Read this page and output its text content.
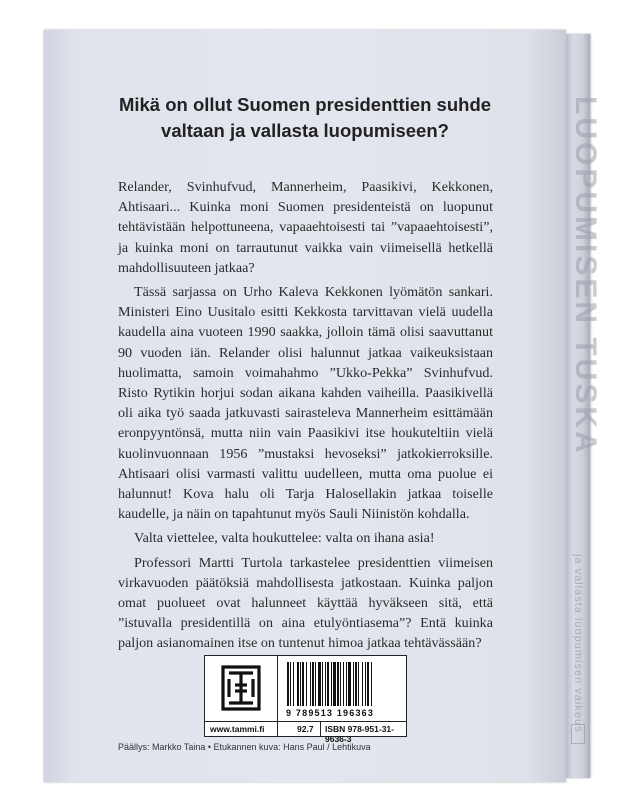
LUOPUMISEN TUSKA
ja vallasta luopumisen vaikeus
Mikä on ollut Suomen presidenttien suhde
valtaan ja vallasta luopumiseen?

Relander, Svinhufvud, Mannerheim, Paasikivi, Kekkonen, Ahtisaari... Kuinka moni Suomen presidenteistä on luopunut tehtävistään helpottuneena, vapaaehtoisesti tai ”vapaaehtoisesti”, ja kuinka moni on tarrautunut vaikka vain viimeisellä hetkellä mahdollisuuteen jatkaa?

Tässä sarjassa on Urho Kaleva Kekkonen lyömätön sankari. Ministeri Eino Uusitalo esitti Kekkosta tarvittavan vielä uudella kaudella aina vuoteen 1990 saakka, jolloin tämä olisi saavuttanut 90 vuoden iän. Relander olisi halunnut jatkaa vaikeuksistaan huolimatta, samoin voimahahmo ”Ukko-Pekka” Svinhufvud. Risto Rytikin horjui sodan aikana kahden vaiheilla. Paasikivellä oli aika työ saada jatkuvasti sairasteleva Mannerheim esittämään eronpyyntönsä, mutta niin vain Paasikivi itse houkuteltiin vielä kuolinvuonnaan 1956 ”mustaksi hevoseksi” jatkokierroksille. Ahtisaari olisi varmasti valittu uudelleen, mutta oma puolue ei halunnut! Kova halu oli Tarja Halosellakin jatkaa toiselle kaudelle, ja näin on tapahtunut myös Sauli Niinistön kohdalla.

Valta viettelee, valta houkuttelee: valta on ihana asia!

Professori Martti Turtola tarkastelee presidenttien viimeisen virkavuoden päätöksiä mahdollisesta jatkostaan. Kuinka paljon omat puolueet ovat halunneet käyttää hyväkseen sitä, että ”istuvalla presidentillä on aina etulyöntiasema”? Entä kuinka paljon asianomainen itse on tuntenut himoa jatkaa tehtävässään?

9 789513 196363
www.tammi.fi	92.7 ISBN 978-951-31-9636-3
Päällys: Markko Taina • Etukannen kuva: Hans Paul / Lehtikuva
